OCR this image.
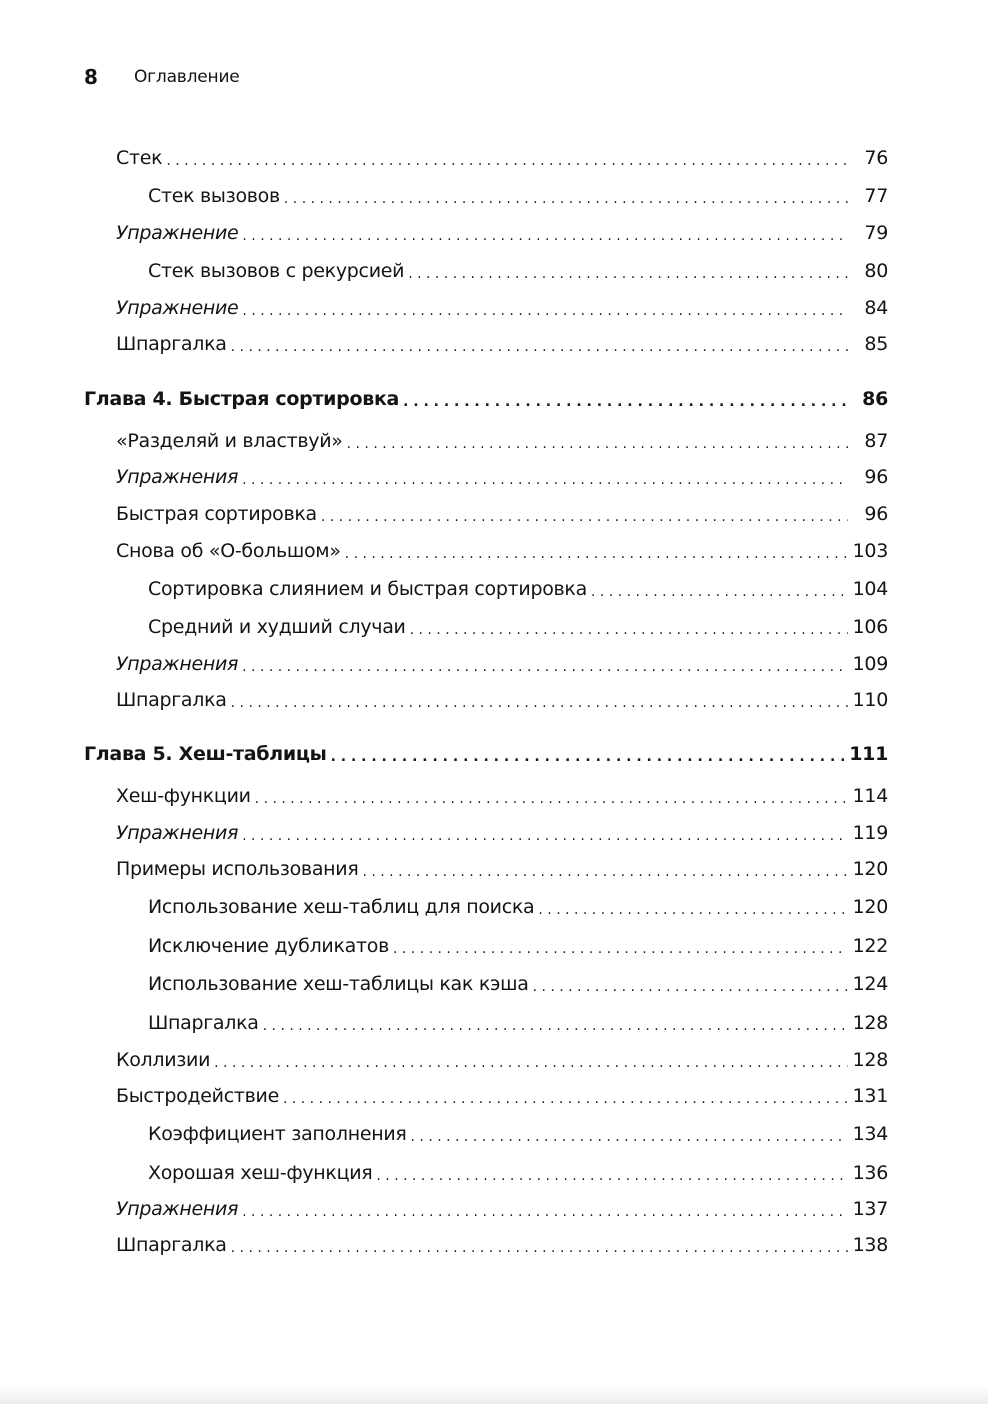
8	Оглавление
Стек . . .	76
Стек вызовов . . .	77
Упражнение . . .	79
Стек вызовов с рекурсией . . .	80
Упражнение . . .	84
Шпаргалка . . .	85
Глава 4. Быстрая сортировка . . .	86
«Разделяй и властвуй» . . .	87
Упражнения . . .	96
Быстрая сортировка . . .	96
Снова об «О-большом» . . .	103
Сортировка слиянием и быстрая сортировка . . .	104
Средний и худший случаи . . .	106
Упражнения . . .	109
Шпаргалка . . .	110
Глава 5. Хеш-таблицы . . .	111
Хеш-функции . . .	114
Упражнения . . .	119
Примеры использования . . .	120
Использование хеш-таблиц для поиска . . .	120
Исключение дубликатов . . .	122
Использование хеш-таблицы как кэша . . .	124
Шпаргалка . . .	128
Коллизии . . .	128
Быстродействие . . .	131
Коэффициент заполнения . . .	134
Хорошая хеш-функция . . .	136
Упражнения . . .	137
Шпаргалка . . .	138
